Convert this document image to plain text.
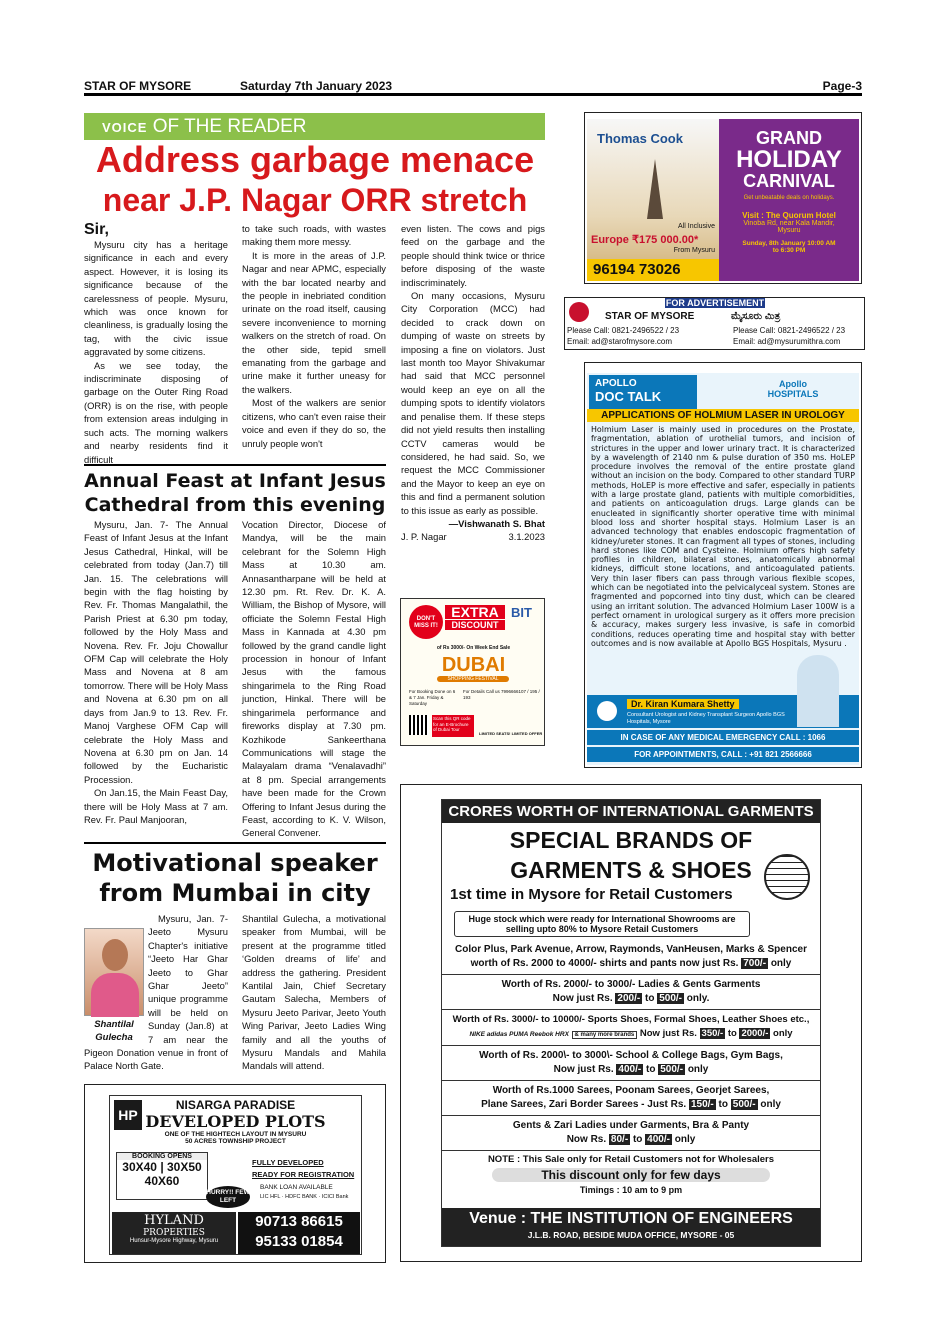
STAR OF MYSORE	Saturday 7th January 2023	Page-3
VOICE OF THE READER
Address garbage menace
near J.P. Nagar ORR stretch
Sir,

Mysuru city has a heritage significance in each and every aspect. However, it is losing its significance because of the carelessness of people. Mysuru, which was once known for cleanliness, is gradually losing the tag, with the civic issue aggravated by some citizens.

As we see today, the indiscriminate disposing of garbage on the Outer Ring Road (ORR) is on the rise, with people from extension areas indulging in such acts. The morning walkers and nearby residents find it difficult

to take such roads, with wastes making them more messy.

It is more in the areas of J.P. Nagar and near APMC, especially with the bar located nearby and the people in inebriated condition urinate on the road itself, causing severe inconvenience to morning walkers on the stretch of road. On the other side, tepid smell emanating from the garbage and urine make it further uneasy for the walkers.

Most of the walkers are senior citizens, who can't even raise their voice and even if they do so, the unruly people won't

even listen. The cows and pigs feed on the garbage and the people should think twice or thrice before disposing of the waste indiscriminately.

On many occasions, Mysuru City Corporation (MCC) had decided to crack down on dumping of waste on streets by imposing a fine on violators. Just last month too Mayor Shivakumar had said that MCC personnel would keep an eye on all the dumping spots to identify violators and penalise them. If these steps did not yield results then installing CCTV cameras would be considered, he had said. So, we request the MCC Commissioner and the Mayor to keep an eye on this and find a permanent solution to this issue as early as possible.

—Vishwanath S. Bhat
J. P. Nagar	3.1.2023
Annual Feast at Infant Jesus
Cathedral from this evening

Mysuru, Jan. 7- The Annual Feast of Infant Jesus at the Infant Jesus Cathedral, Hinkal, will be celebrated from today (Jan.7) till Jan. 15. The celebrations will begin with the flag hoisting by Rev. Fr. Thomas Mangalathil, the Parish Priest at 6.30 pm today, followed by the Holy Mass and Novena. Rev. Fr. Joju Chowallur OFM Cap will celebrate the Holy Mass and Novena at 8 am tomorrow. There will be Holy Mass and Novena at 6.30 pm on all days from Jan.9 to 13. Rev. Fr. Manoj Varghese OFM Cap will celebrate the Holy Mass and Novena at 6.30 pm on Jan. 14 followed by the Eucharistic Procession.

On Jan.15, the Main Feast Day, there will be Holy Mass at 7 am. Rev. Fr. Paul Manjooran,

Vocation Director, Diocese of Mandya, will be the main celebrant for the Solemn High Mass at 10.30 am. Annasantharpane will be held at 12.30 pm. Rt. Rev. Dr. K. A. William, the Bishop of Mysore, will officiate the Solemn Festal High Mass in Kannada at 4.30 pm followed by the grand candle light procession in honour of Infant Jesus with the famous shingarimela to the Ring Road junction, Hinkal. There will be shingarimela performance and fireworks display at 7.30 pm. Kozhikode Sankeerthana Communications will stage the Malayalam drama “Venalavadhi” at 8 pm. Special arrangements have been made for the Crown Offering to Infant Jesus during the Feast, according to K. V. Wilson, General Convener.

Motivational speaker
from Mumbai in city
Shantilal Gulecha

Mysuru, Jan. 7- Jeeto Mysuru Chapter's initiative “Jeeto Har Ghar Jeeto to Ghar Ghar Jeeto” unique programme will be held on Sunday (Jan.8) at 7 am near the Pigeon Donation venue in front of Palace North Gate.

Shantilal Gulecha, a motivational speaker from Mumbai, will be present at the programme titled ‘Golden dreams of life’ and address the gathering. President Kantilal Jain, Chief Secretary Gautam Salecha, Members of Mysuru Jeeto Parivar, Jeeto Youth Wing Parivar, Jeeto Ladies Wing family and all the youths of Mysuru Mandals and Mahila Mandals will attend.

DON'T MISS IT!
EXTRA
DISCOUNT
BIT
of Rs 3000/- On Week End Sale
DUBAI
SHOPPING FESTIVAL
For Booking Done on 6 & 7 Jan. Friday & Saturday
For Details Call us 7996666107 / 195 / 193
Scan this QR code for an E-Brochure of Dubai Tour
LIMITED SEATS! LIMITED OFFER
Thomas Cook
All Inclusive
Europe ₹175 000.00*
From Mysuru
96194 73026
GRAND
HOLIDAY
CARNIVAL
Get unbeatable deals on holidays.
Visit : The Quorum Hotel
Vinoba Rd, near Kala Mandir, Mysuru
Sunday, 8th January 10:00 AM to 6:30 PM
FOR ADVERTISEMENT
STAR OF MYSORE	ಮೈಸೂರು ಮಿತ್ರ
Please Call: 0821-2496522 / 23
Email: ad@starofmysore.com
Please Call: 0821-2496522 / 23
Email: ad@mysurumithra.com
APOLLO
DOC TALK
Apollo HOSPITALS
APPLICATIONS OF HOLMIUM LASER IN UROLOGY
Holmium Laser is mainly used in procedures on the Prostate, fragmentation, ablation of urothelial tumors, and incision of strictures in the upper and lower urinary tract. It is characterized by a wavelength of 2140 nm & pulse duration of 350 ms. HoLEP procedure involves the removal of the entire prostate gland without an incision on the body. Compared to other standard TURP methods, HoLEP is more effective and safer, especially in patients with a large prostate gland, patients with multiple comorbidities, and patients on anticoagulation drugs. Large glands can be enucleated in significantly shorter operative time with minimal blood loss and shorter hospital stays. Holmium Laser is an advanced technology that enables endoscopic fragmentation of kidney/ureter stones. It can fragment all types of stones, including hard stones like COM and Cysteine. Holmium offers high safety profiles in children, bilateral stones, anatomically abnormal kidneys, difficult stone locations, and anticoagulated patients. Very thin laser fibers can pass through various flexible scopes, which can be negotiated into the pelvicalyceal system. Stones are fragmented and popcorned into tiny dust, which can be cleared using an irritant solution. The advanced Holmium Laser 100W is a perfect ornament in urological surgery as it offers more precision & accuracy, makes surgery less invasive, is safe in comorbid conditions, reduces operating time and hospital stay with better outcomes and is now available at Apollo BGS Hospitals, Mysuru .
Dr. Kiran Kumara Shetty
Consultant Urologist and Kidney Transplant Surgeon Apollo BGS Hospitals, Mysore
IN CASE OF ANY MEDICAL EMERGENCY CALL : 1066
FOR APPOINTMENTS, CALL : +91 821 2566666
HP
NISARGA PARADISE
DEVELOPED PLOTS
ONE OF THE HIGHTECH LAYOUT IN MYSURU
50 ACRES TOWNSHIP PROJECT
BOOKING OPENS
30X40 | 30X50
40X60
HURRY!! FEW LEFT
FULLY DEVELOPED
READY FOR REGISTRATION
BANK LOAN AVAILABLE
LIC HFL · HDFC BANK · ICICI Bank
HYLAND
PROPERTIES
Hunsur-Mysore Highway, Mysuru
90713 86615
95133 01854
CRORES WORTH OF INTERNATIONAL GARMENTS
SPECIAL BRANDS OF GARMENTS & SHOES
1st time in Mysore for Retail Customers
Huge stock which were ready for International Showrooms are selling upto 80% to Mysore Retail Customers
Color Plus, Park Avenue, Arrow, Raymonds, VanHeusen, Marks & Spencer
worth of Rs. 2000 to 4000/- shirts and pants now just Rs. 700/- only
Worth of Rs. 2000/- to 3000/- Ladies & Gents Garments
Now just Rs. 200/- to 500/- only.
Worth of Rs. 3000/- to 10000/- Sports Shoes, Formal Shoes, Leather Shoes etc.,
NIKE adidas PUMA Reebok HRX & many more brands Now just Rs. 350/- to 2000/- only
Worth of Rs. 2000\- to 3000\- School & College Bags, Gym Bags,
Now just Rs. 400/- to 500/- only
Worth of Rs.1000 Sarees, Poonam Sarees, Georjet Sarees,
Plane Sarees, Zari Border Sarees - Just Rs. 150/- to 500/- only
Gents & Zari Ladies under Garments, Bra & Panty
Now Rs. 80/- to 400/- only
NOTE : This Sale only for Retail Customers not for Wholesalers
This discount only for few days
Timings : 10 am to 9 pm
Venue : THE INSTITUTION OF ENGINEERS
J.L.B. ROAD, BESIDE MUDA OFFICE, MYSORE - 05
